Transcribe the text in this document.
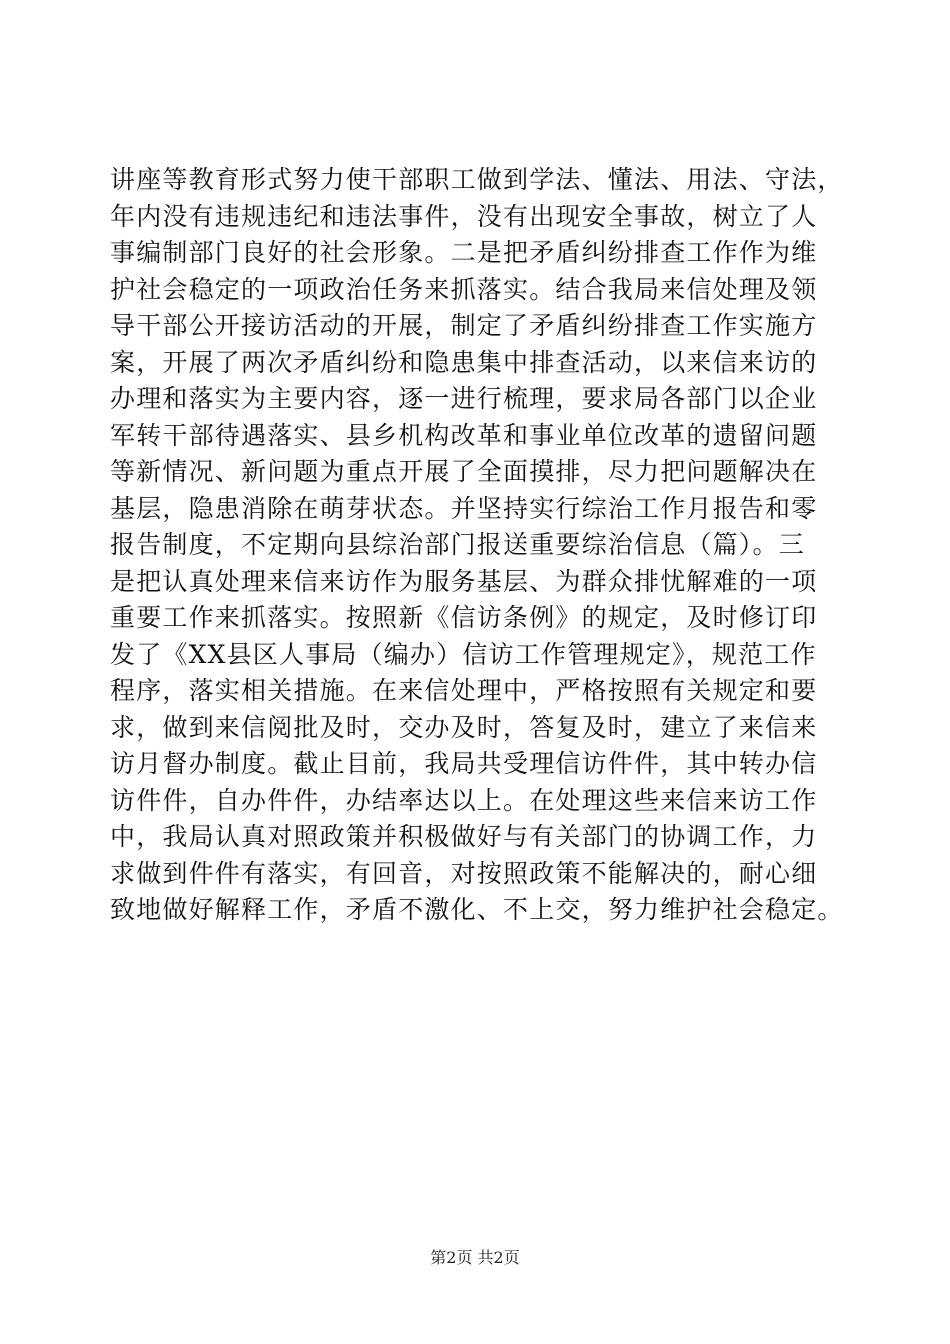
讲座等教育形式努力使干部职工做到学法、懂法、用法、守法，
年内没有违规违纪和违法事件，没有出现安全事故，树立了人
事编制部门良好的社会形象。二是把矛盾纠纷排查工作作为维
护社会稳定的一项政治任务来抓落实。结合我局来信处理及领
导干部公开接访活动的开展，制定了矛盾纠纷排查工作实施方
案，开展了两次矛盾纠纷和隐患集中排查活动，以来信来访的
办理和落实为主要内容，逐一进行梳理，要求局各部门以企业
军转干部待遇落实、县乡机构改革和事业单位改革的遗留问题
等新情况、新问题为重点开展了全面摸排，尽力把问题解决在
基层，隐患消除在萌芽状态。并坚持实行综治工作月报告和零
报告制度，不定期向县综治部门报送重要综治信息（篇）。三
是把认真处理来信来访作为服务基层、为群众排忧解难的一项
重要工作来抓落实。按照新《信访条例》的规定，及时修订印
发了《XX县区人事局（编办）信访工作管理规定》，规范工作
程序，落实相关措施。在来信处理中，严格按照有关规定和要
求，做到来信阅批及时，交办及时，答复及时，建立了来信来
访月督办制度。截止目前，我局共受理信访件件，其中转办信
访件件，自办件件，办结率达以上。在处理这些来信来访工作
中，我局认真对照政策并积极做好与有关部门的协调工作，力
求做到件件有落实，有回音，对按照政策不能解决的，耐心细
致地做好解释工作，矛盾不激化、不上交，努力维护社会稳定。
第2页 共2页
